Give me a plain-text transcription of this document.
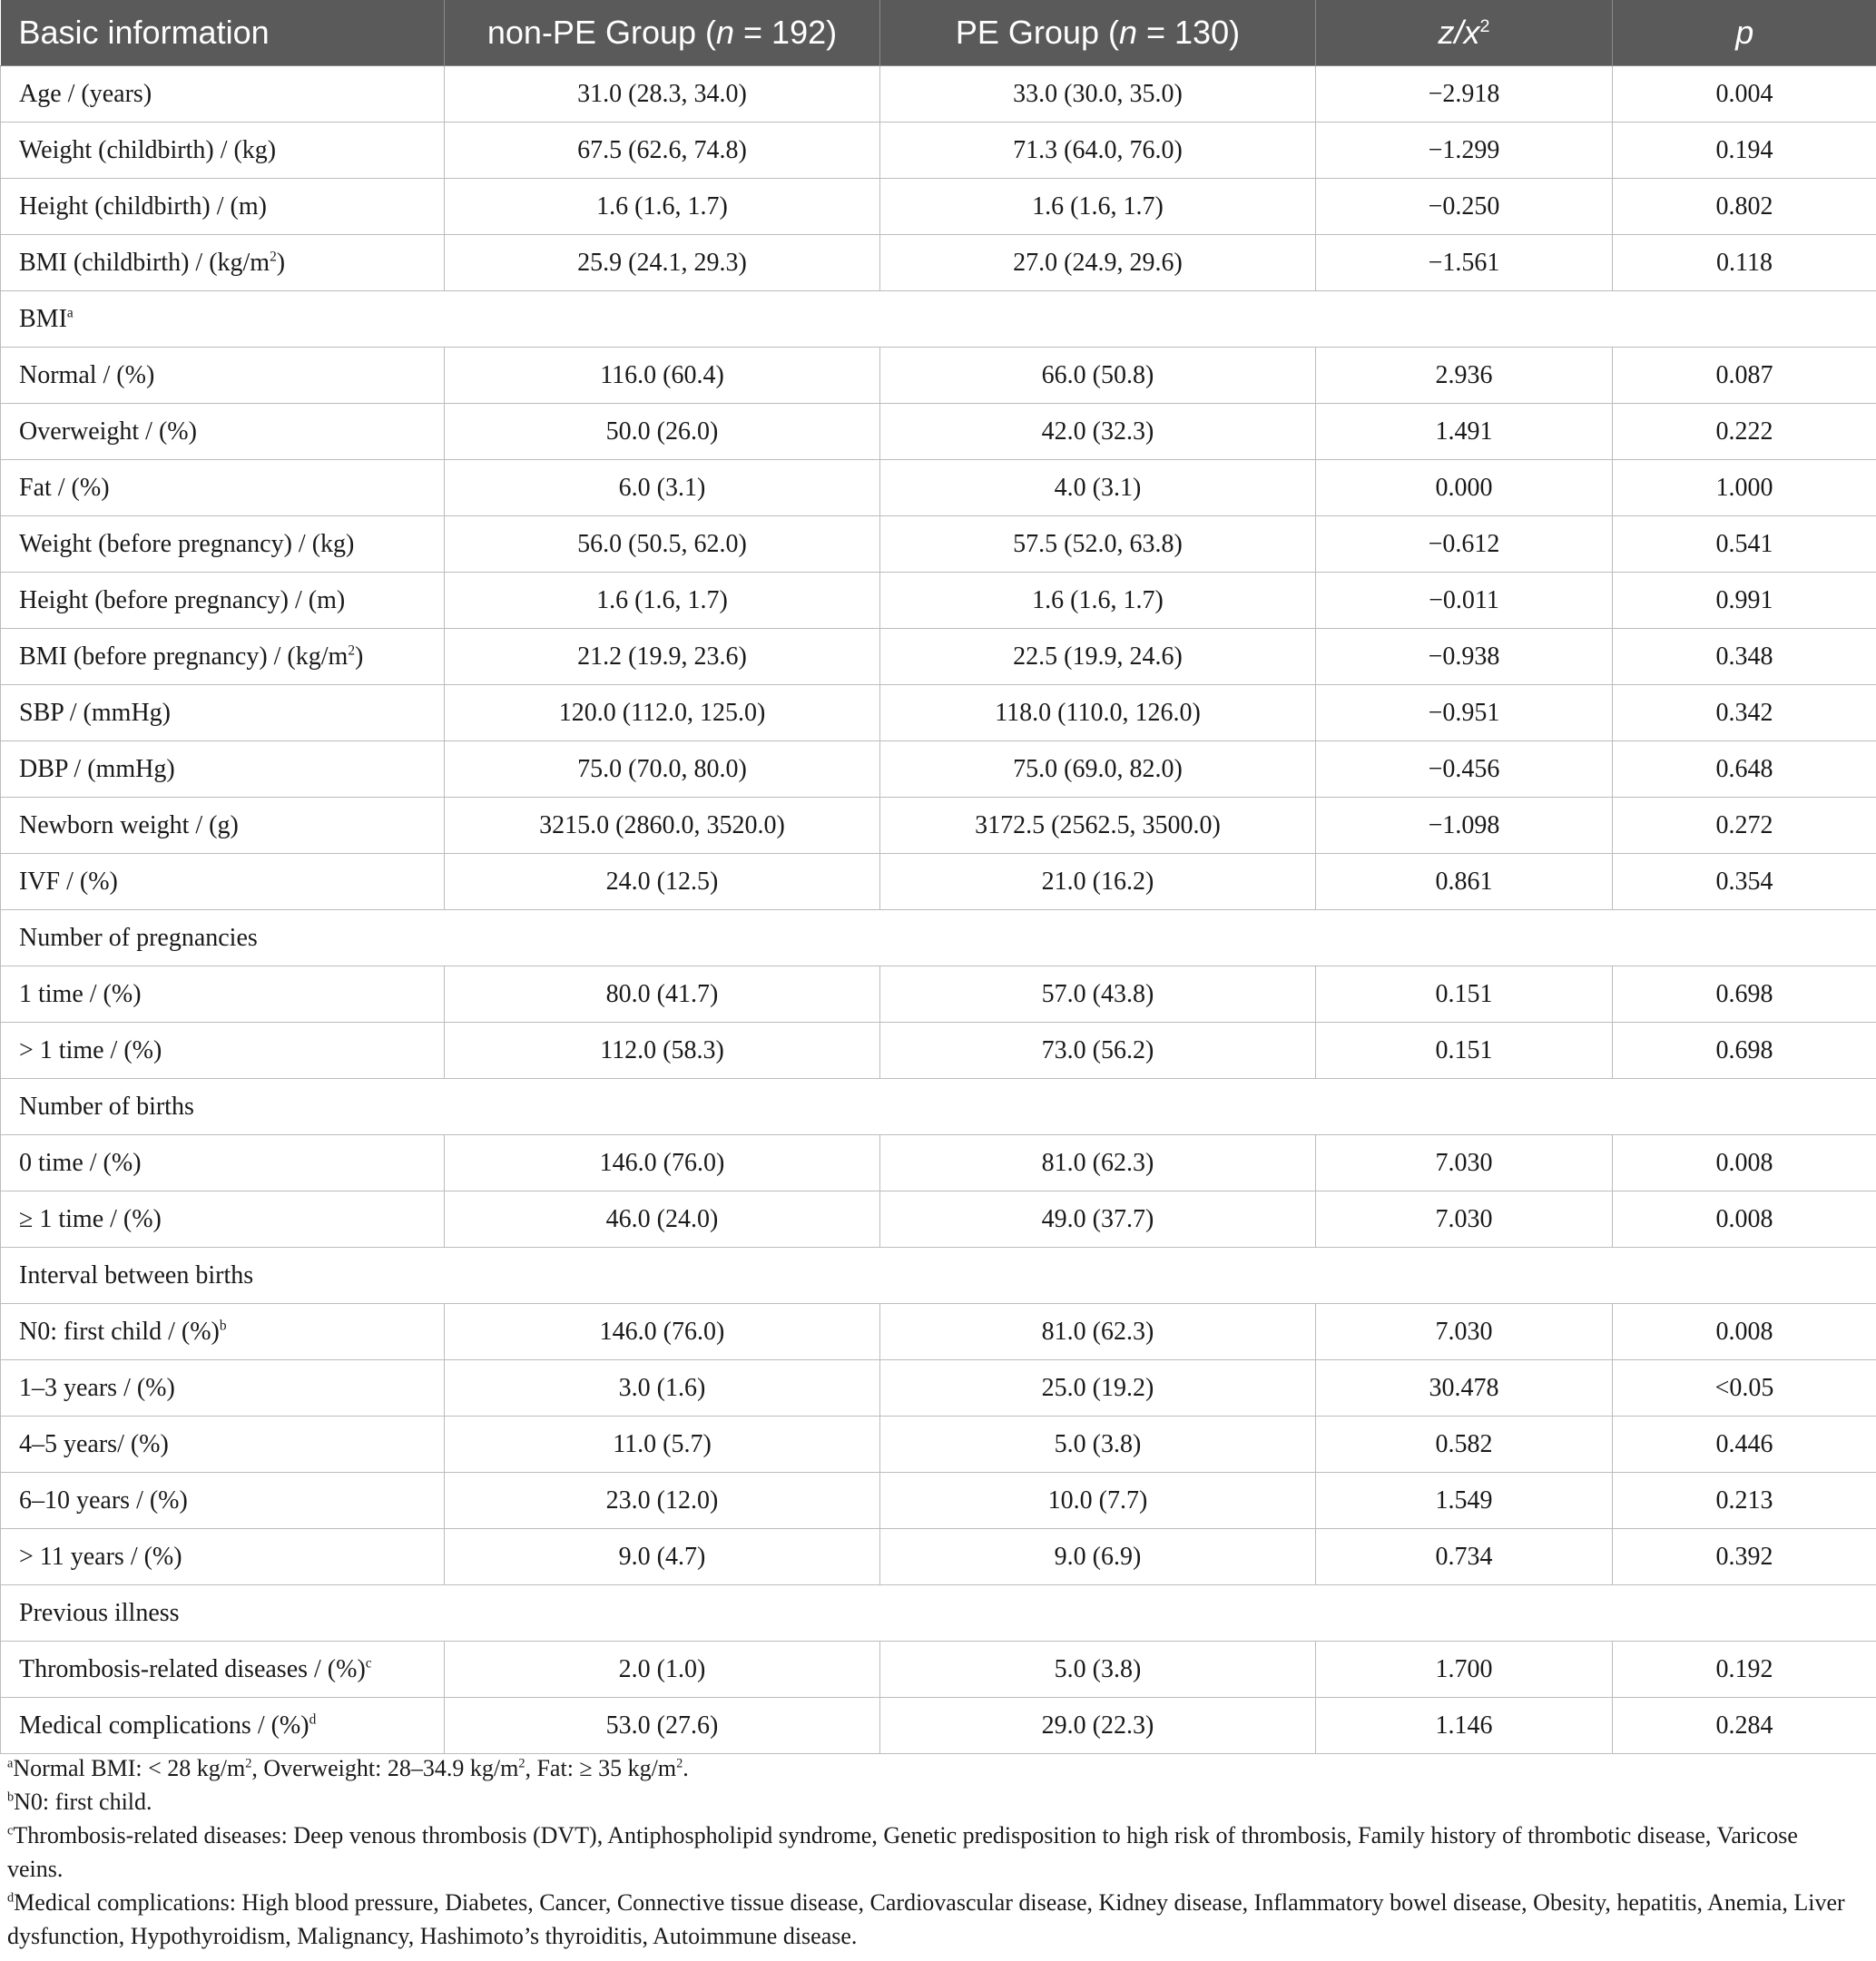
Basic information	non-PE Group (n = 192)	PE Group (n = 130)	$z/x^2$	p
Age / (years)	31.0 (28.3, 34.0)	33.0 (30.0, 35.0)	−2.918	0.004
Weight (childbirth) / (kg)	67.5 (62.6, 74.8)	71.3 (64.0, 76.0)	−1.299	0.194
Height (childbirth) / (m)	1.6 (1.6, 1.7)	1.6 (1.6, 1.7)	−0.250	0.802
BMI (childbirth) / $(kg/m^2)$	25.9 (24.1, 29.3)	27.0 (24.9, 29.6)	−1.561	0.118
BMI$^a$
Normal / (%)	116.0 (60.4)	66.0 (50.8)	2.936	0.087
Overweight / (%)	50.0 (26.0)	42.0 (32.3)	1.491	0.222
Fat / (%)	6.0 (3.1)	4.0 (3.1)	0.000	1.000
Weight (before pregnancy) / (kg)	56.0 (50.5, 62.0)	57.5 (52.0, 63.8)	−0.612	0.541
Height (before pregnancy) / (m)	1.6 (1.6, 1.7)	1.6 (1.6, 1.7)	−0.011	0.991
BMI (before pregnancy) / $(kg/m^2)$	21.2 (19.9, 23.6)	22.5 (19.9, 24.6)	−0.938	0.348
SBP / (mmHg)	120.0 (112.0, 125.0)	118.0 (110.0, 126.0)	−0.951	0.342
DBP / (mmHg)	75.0 (70.0, 80.0)	75.0 (69.0, 82.0)	−0.456	0.648
Newborn weight / (g)	3215.0 (2860.0, 3520.0)	3172.5 (2562.5, 3500.0)	−1.098	0.272
IVF / (%)	24.0 (12.5)	21.0 (16.2)	0.861	0.354
Number of pregnancies				
1 time / (%)	80.0 (41.7)	57.0 (43.8)	0.151	0.698
> 1 time / (%)	112.0 (58.3)	73.0 (56.2)	0.151	0.698
Number of births				
0 time / (%)	146.0 (76.0)	81.0 (62.3)	7.030	0.008
≥ 1 time / (%)	46.0 (24.0)	49.0 (37.7)	7.030	0.008
Interval between births				
N0: first child / (%)$^b$	146.0 (76.0)	81.0 (62.3)	7.030	0.008
1–3 years / (%)	3.0 (1.6)	25.0 (19.2)	30.478	<0.05
4–5 years/ (%)	11.0 (5.7)	5.0 (3.8)	0.582	0.446
6–10 years / (%)	23.0 (12.0)	10.0 (7.7)	1.549	0.213
> 11 years / (%)	9.0 (4.7)	9.0 (6.9)	0.734	0.392
Previous illness				
Thrombosis-related diseases / (%)$^c$	2.0 (1.0)	5.0 (3.8)	1.700	0.192
Medical complications / (%)$^d$	53.0 (27.6)	29.0 (22.3)	1.146	0.284

$^a$Normal BMI: < 28 $kg/m^2$, Overweight: 28–34.9 $kg/m^2$, Fat: ≥ 35 $kg/m^2$.

$^b$N0: first child.

$^c$Thrombosis-related diseases: Deep venous thrombosis (DVT), Antiphospholipid syndrome, Genetic predisposition to high risk of thrombosis, Family history of thrombotic disease, Varicose veins.

$^d$Medical complications: High blood pressure, Diabetes, Cancer, Connective tissue disease, Cardiovascular disease, Kidney disease, Inflammatory bowel disease, Obesity, hepatitis, Anemia, Liver dysfunction, Hypothyroidism, Malignancy, Hashimoto’s thyroiditis, Autoimmune disease.
